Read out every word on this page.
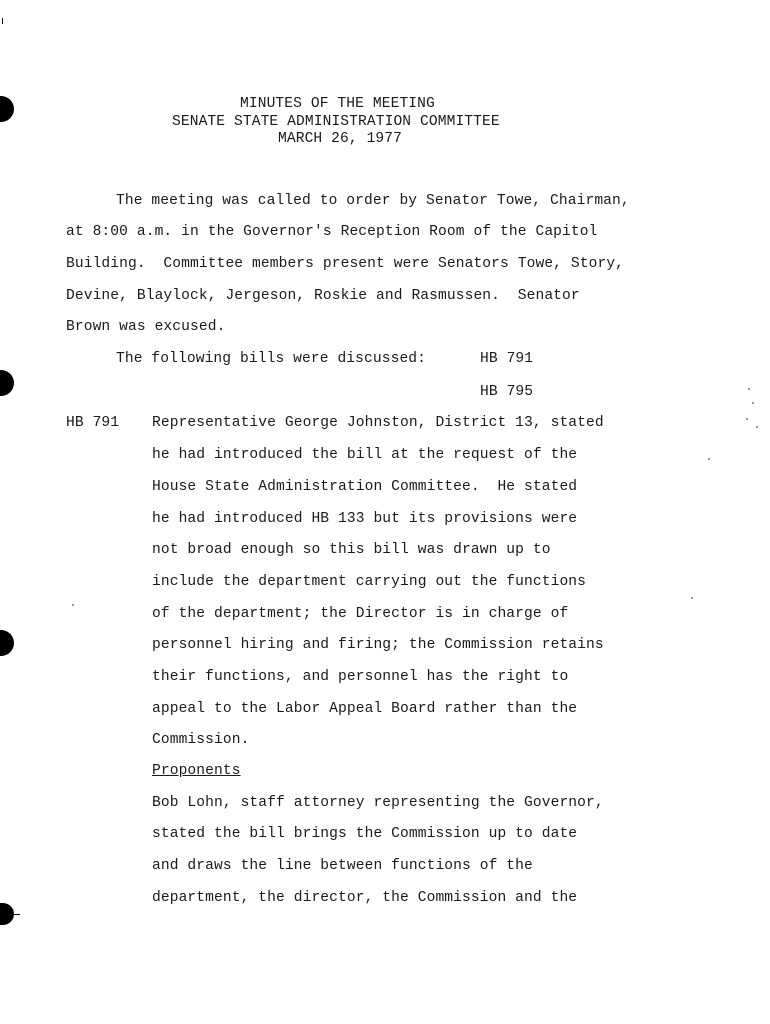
MINUTES OF THE MEETING
SENATE STATE ADMINISTRATION COMMITTEE
MARCH 26, 1977
The meeting was called to order by Senator Towe, Chairman,
at 8:00 a.m. in the Governor's Reception Room of the Capitol
Building.  Committee members present were Senators Towe, Story,
Devine, Blaylock, Jergeson, Roskie and Rasmussen.  Senator
Brown was excused.
The following bills were discussed:	HB 791
HB 795
HB 791 Representative George Johnston, District 13, stated
he had introduced the bill at the request of the
House State Administration Committee.  He stated
he had introduced HB 133 but its provisions were
not broad enough so this bill was drawn up to
include the department carrying out the functions
of the department; the Director is in charge of
personnel hiring and firing; the Commission retains
their functions, and personnel has the right to
appeal to the Labor Appeal Board rather than the
Commission.
Proponents
Bob Lohn, staff attorney representing the Governor,
stated the bill brings the Commission up to date
and draws the line between functions of the
department, the director, the Commission and the
